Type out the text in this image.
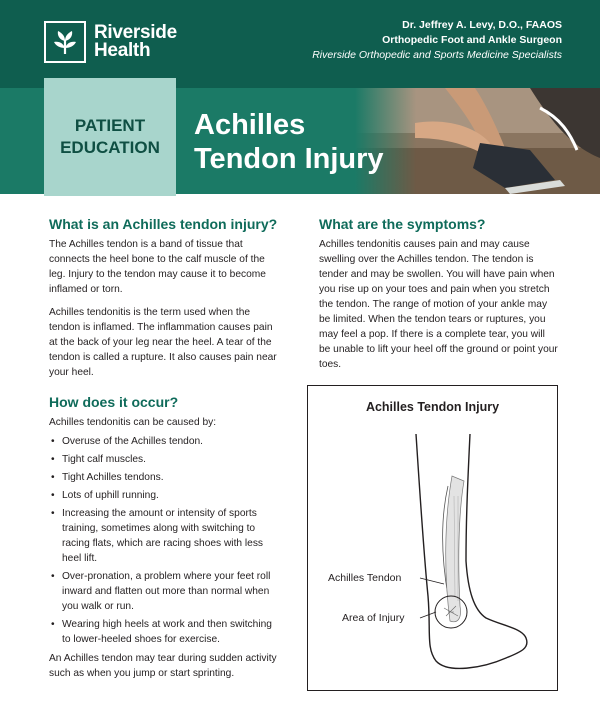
Riverside
Health
Dr. Jeffrey A. Levy, D.O., FAAOS
Orthopedic Foot and Ankle Surgeon
Riverside Orthopedic and Sports Medicine Specialists
PATIENT
EDUCATION
Achilles
Tendon Injury
What is an Achilles tendon injury?

The Achilles tendon is a band of tissue that connects the heel bone to the calf muscle of the leg. Injury to the tendon may cause it to become inflamed or torn.

Achilles tendonitis is the term used when the tendon is inflamed. The inflammation causes pain at the back of your leg near the heel. A tear of the tendon is called a rupture. It also causes pain near your heel.

How does it occur?

Achilles tendonitis can be caused by:

• Overuse of the Achilles tendon.
• Tight calf muscles.
• Tight Achilles tendons.
• Lots of uphill running.
• Increasing the amount or intensity of sports training, sometimes along with switching to racing flats, which are racing shoes with less heel lift.
• Over-pronation, a problem where your feet roll inward and flatten out more than normal when you walk or run.
• Wearing high heels at work and then switching to lower-heeled shoes for exercise.

An Achilles tendon may tear during sudden activity such as when you jump or start sprinting.

What are the symptoms?

Achilles tendonitis causes pain and may cause swelling over the Achilles tendon. The tendon is tender and may be swollen. You will have pain when you rise up on your toes and pain when you stretch the tendon. The range of motion of your ankle may be limited. When the tendon tears or ruptures, you may feel a pop. If there is a complete tear, you will be unable to lift your heel off the ground or point your toes.

Achilles Tendon Injury
Achilles Tendon
Area of Injury
